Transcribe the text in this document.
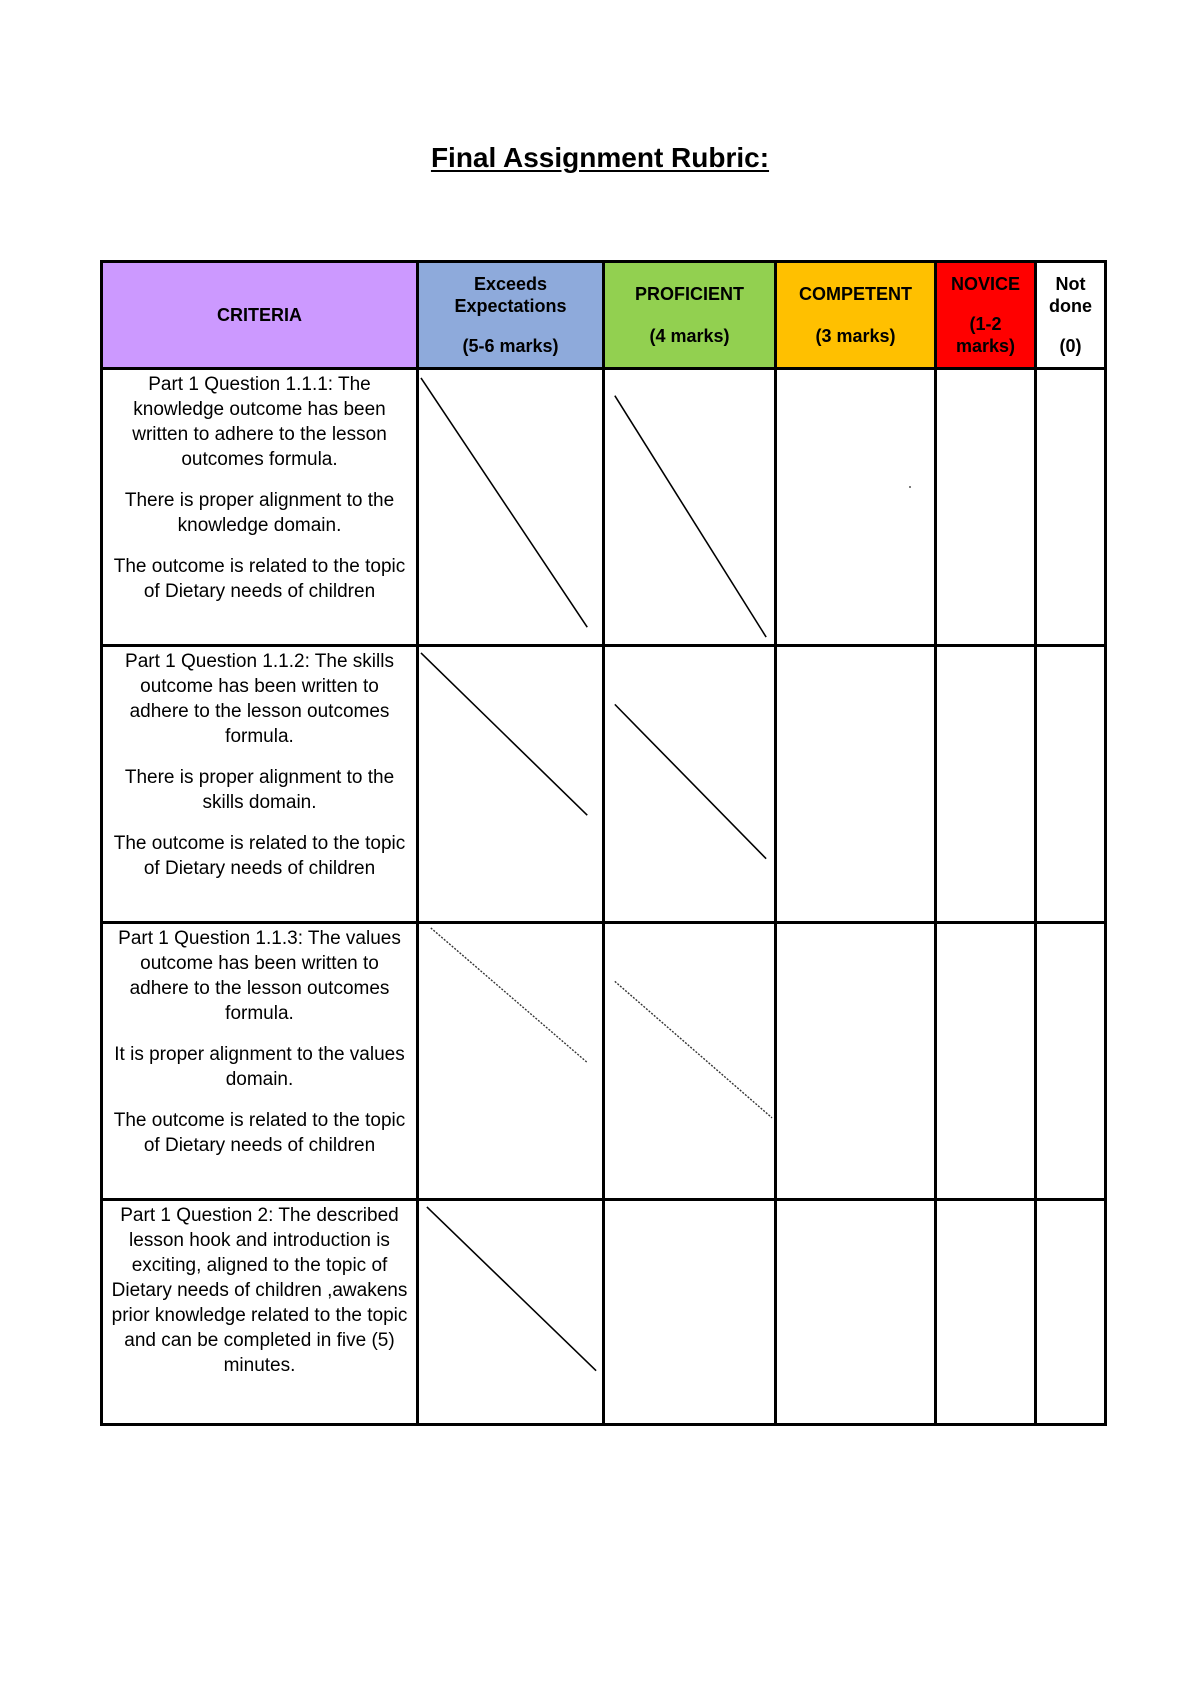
Final Assignment Rubric:
CRITERIA	Exceeds
Expectations
(5-6 marks)	PROFICIENT
(4 marks)	COMPETENT
(3 marks)	NOVICE
(1-2
marks)	Not
done
(0)

Part 1 Question 1.1.1: The knowledge outcome has been written to adhere to the lesson outcomes formula.
There is proper alignment to the knowledge domain.
The outcome is related to the topic of Dietary needs of children

Part 1 Question 1.1.2: The skills outcome has been written to adhere to the lesson outcomes formula.
There is proper alignment to the skills domain.
The outcome is related to the topic of Dietary needs of children

Part 1 Question 1.1.3: The values outcome has been written to adhere to the lesson outcomes formula.
It is proper alignment to the values domain.
The outcome is related to the topic of Dietary needs of children

Part 1 Question 2: The described lesson hook and introduction is exciting, aligned to the topic of Dietary needs of children ,awakens prior knowledge related to the topic and can be completed in five (5) minutes.
